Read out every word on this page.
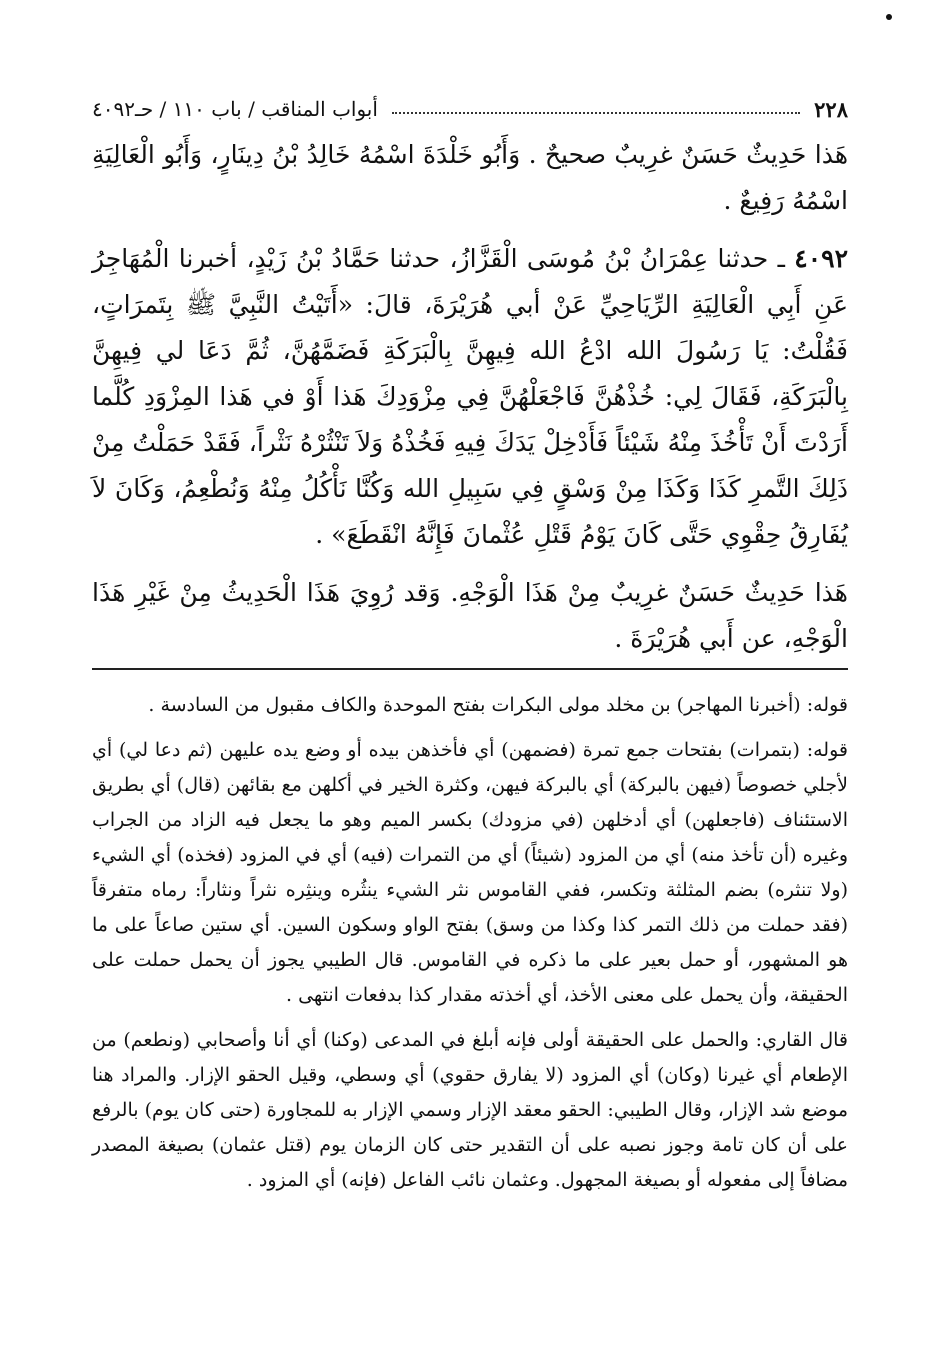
٢٢٨
أبواب المناقب / باب ١١٠ / حـ٤٠٩٢

هَذا حَدِيثٌ حَسَنٌ غرِيبٌ صحيحٌ . وَأَبُو خَلْدَةَ اسْمُهُ خَالِدُ بْنُ دِينَارٍ، وَأَبُو الْعَالِيَةِ اسْمُهُ رَفِيعٌ .

٤٠٩٢ ـ حدثنا عِمْرَانُ بْنُ مُوسَى الْقَزَّازُ، حدثنا حَمَّادُ بْنُ زَيْدٍ، أخبرنا الْمُهَاجِرُ عَنِ أَبِي الْعَالِيَةِ الرِّيَاحِيِّ عَنْ أبي هُرَيْرَةَ، قالَ: «أَتَيْتُ النَّبِيَّ ﷺ بِتَمرَاتٍ، فَقُلْتُ: يَا رَسُولَ الله ادْعُ الله فِيهِنَّ بِالْبَرَكَةِ فَضَمَّهُنَّ، ثُمَّ دَعَا لي فِيهِنَّ بِالْبَرَكَةِ، فَقَالَ لِي: خُذْهُنَّ فَاجْعَلْهُنَّ فِي مِزْوَدِكَ هَذا أَوْ في هَذا المِزْوَدِ كُلَّما أَرَدْتَ أَنْ تَأْخُذَ مِنْهُ شَيْئاً فَأَدْخِلْ يَدَكَ فِيهِ فَخُذْهُ وَلاَ تَنْثُرْهُ نَثْراً، فَقَدْ حَمَلْتُ مِنْ ذَلِكَ التَّمرِ كَذَا وَكَذَا مِنْ وَسْقٍ فِي سَبِيلِ الله وَكُنَّا نَأْكُلُ مِنْهُ وَنُطْعِمُ، وَكَانَ لاَ يُفَارِقُ حِقْوِي حَتَّى كَانَ يَوْمُ قَتْلِ عُثْمانَ فَإِنَّهُ انْقَطَعَ» .

هَذا حَدِيثٌ حَسَنٌ غرِيبٌ مِنْ هَذَا الْوَجْهِ. وَقد رُوِيَ هَذَا الْحَدِيثُ مِنْ غَيْرِ هَذَا الْوَجْهِ، عن أَبي هُرَيْرَةَ .

قوله: (أخبرنا المهاجر) بن مخلد مولى البكرات بفتح الموحدة والكاف مقبول من السادسة .

قوله: (بتمرات) بفتحات جمع تمرة (فضمهن) أي فأخذهن بيده أو وضع يده عليهن (ثم دعا لي) أي لأجلي خصوصاً (فيهن بالبركة) أي بالبركة فيهن، وكثرة الخير في أكلهن مع بقائهن (قال) أي بطريق الاستئناف (فاجعلهن) أي أدخلهن (في مزودك) بكسر الميم وهو ما يجعل فيه الزاد من الجراب وغيره (أن تأخذ منه) أي من المزود (شيئاً) أي من التمرات (فيه) أي في المزود (فخذه) أي الشيء (ولا تنثره) بضم المثلثة وتكسر، ففي القاموس نثر الشيء ينثُره وينثِره نثراً ونثاراً: رماه متفرقاً (فقد حملت من ذلك التمر كذا وكذا من وسق) بفتح الواو وسكون السين. أي ستين صاعاً على ما هو المشهور، أو حمل بعير على ما ذكره في القاموس. قال الطيبي يجوز أن يحمل حملت على الحقيقة، وأن يحمل على معنى الأخذ، أي أخذته مقدار كذا بدفعات انتهى .

قال القاري: والحمل على الحقيقة أولى فإنه أبلغ في المدعى (وكنا) أي أنا وأصحابي (ونطعم) من الإطعام أي غيرنا (وكان) أي المزود (لا يفارق حقوي) أي وسطي، وقيل الحقو الإزار. والمراد هنا موضع شد الإزار، وقال الطيبي: الحقو معقد الإزار وسمي الإزار به للمجاورة (حتى كان يوم) بالرفع على أن كان تامة وجوز نصبه على أن التقدير حتى كان الزمان يوم (قتل عثمان) بصيغة المصدر مضافاً إلى مفعوله أو بصيغة المجهول. وعثمان نائب الفاعل (فإنه) أي المزود .
